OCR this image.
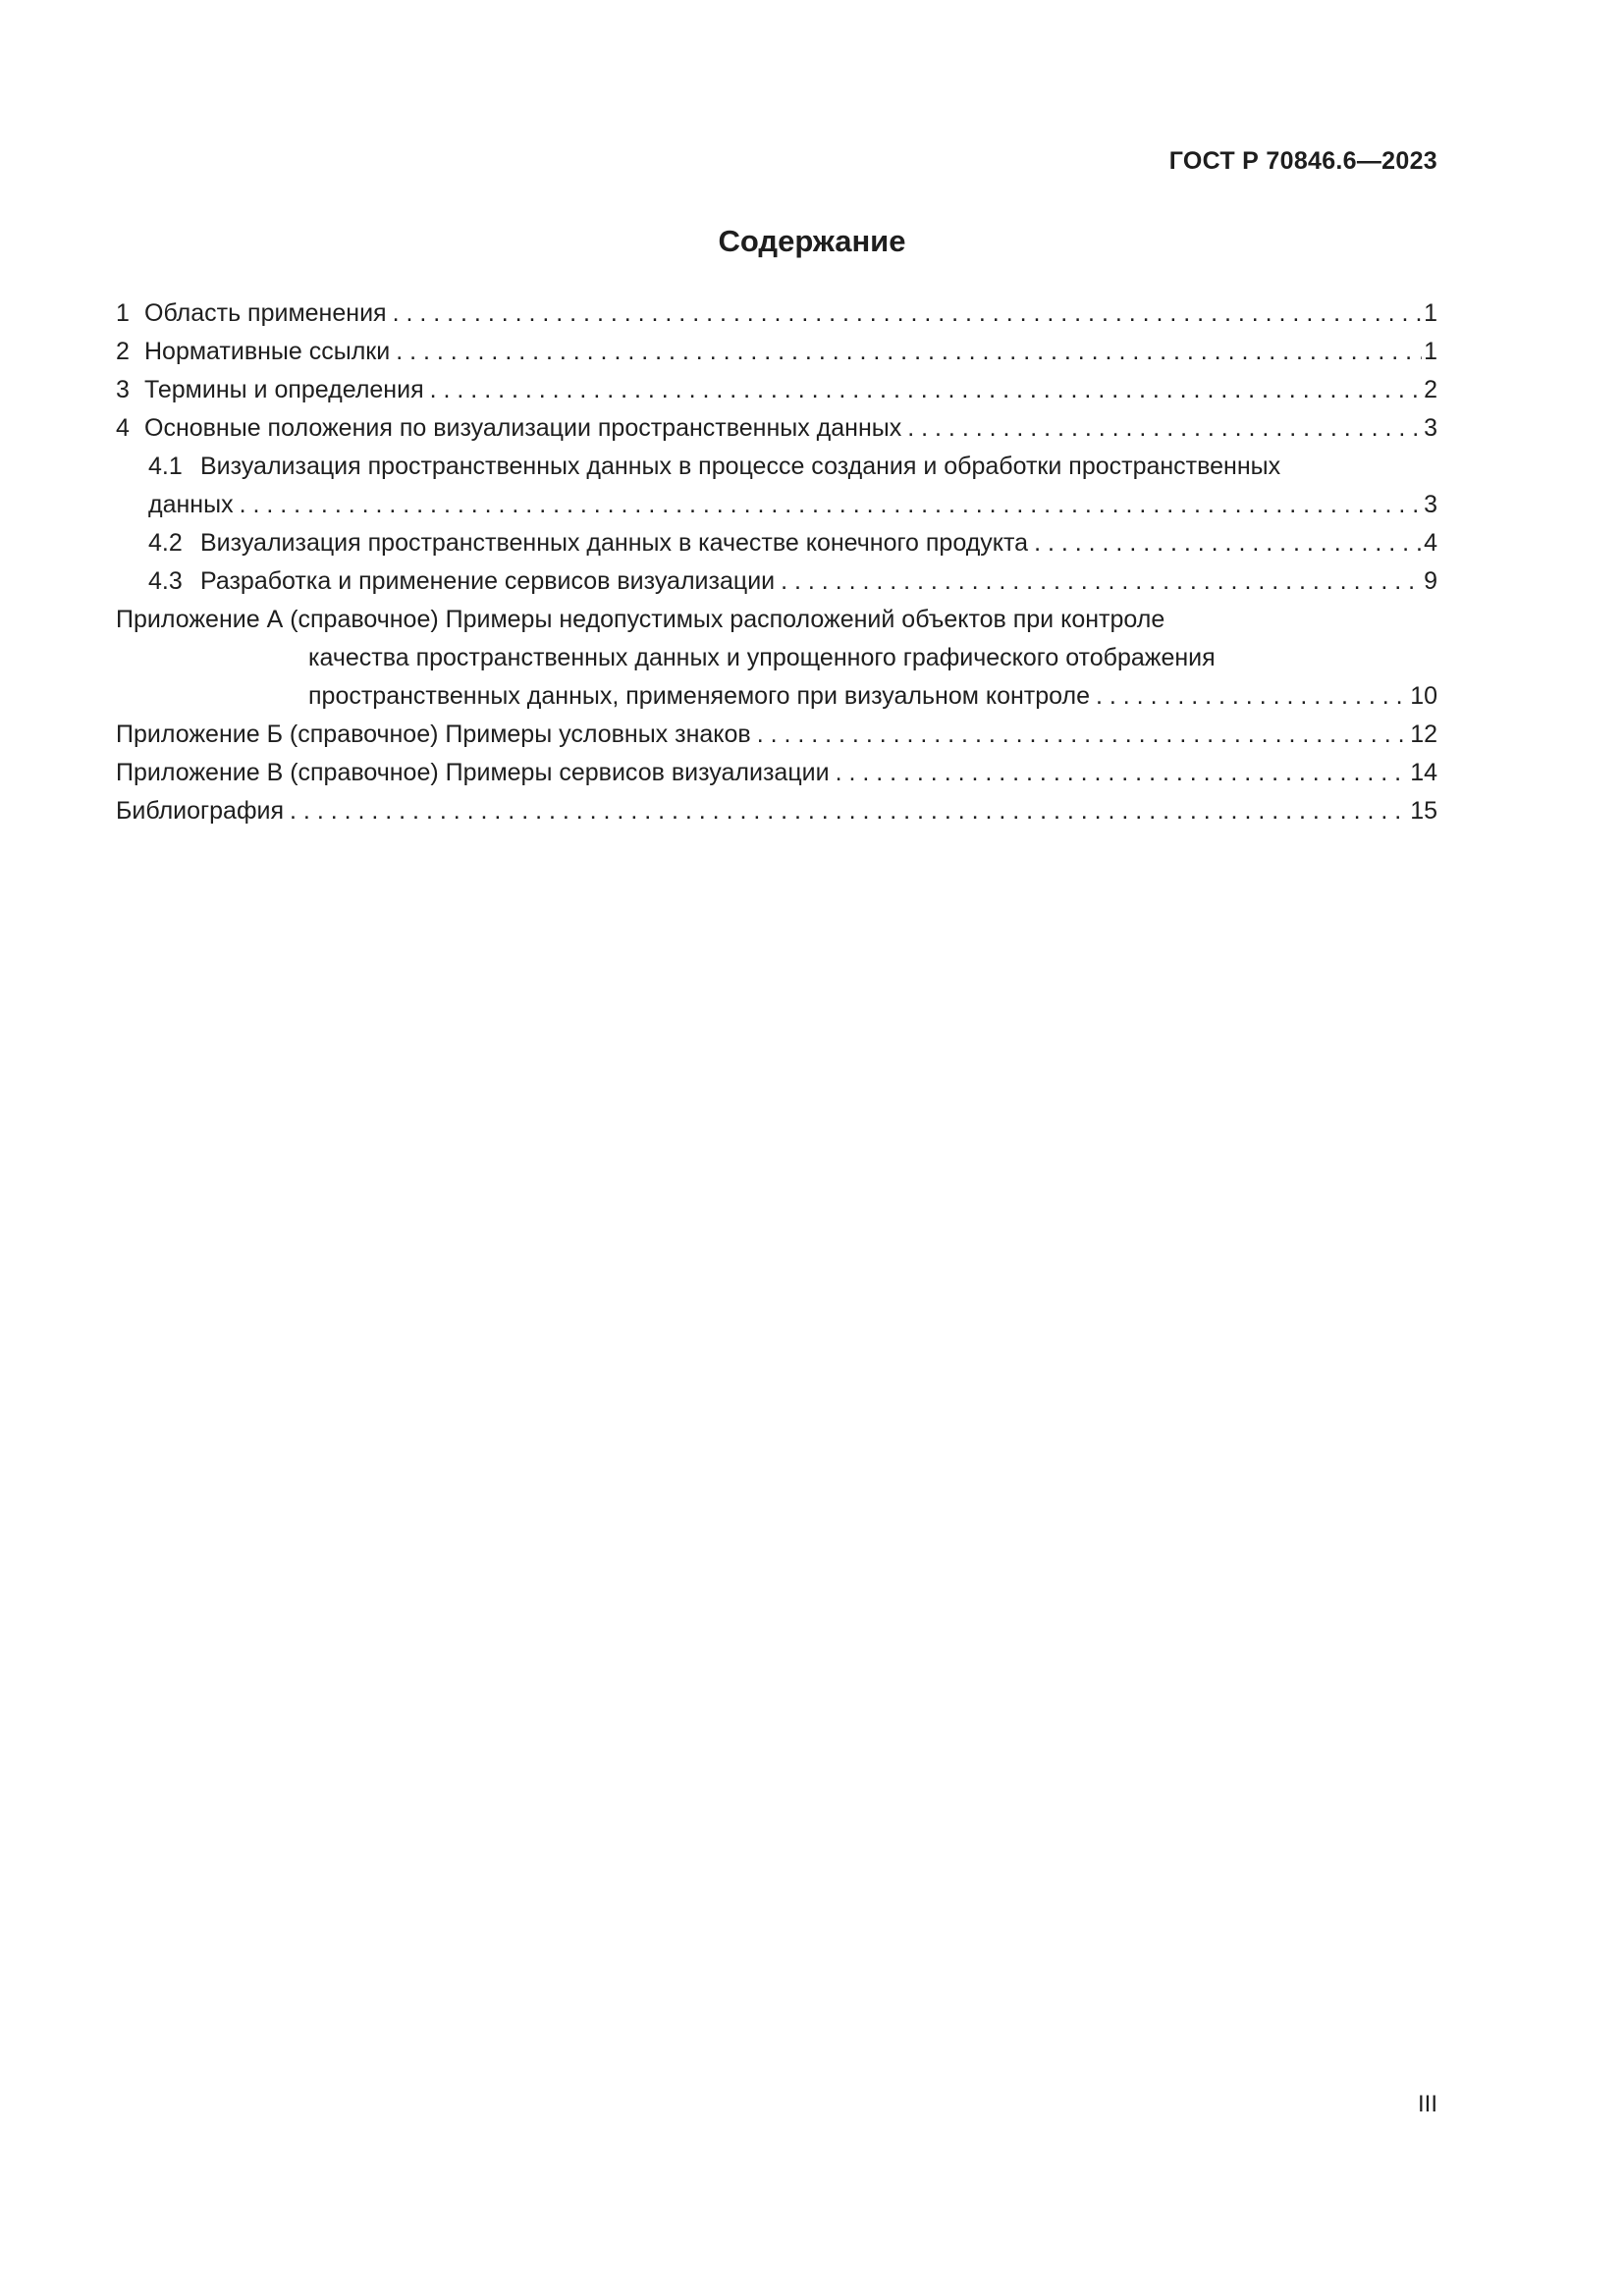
ГОСТ Р 70846.6—2023
Содержание
1 Область применения . . .	1
2 Нормативные ссылки . . .	1
3 Термины и определения . . .	2
4 Основные положения по визуализации пространственных данных . . .	3
4.1 Визуализация пространственных данных в процессе создания и обработки пространственных
данных . . .	3
4.2 Визуализация пространственных данных в качестве конечного продукта . . .	4
4.3 Разработка и применение сервисов визуализации . . .	9
Приложение А (справочное) Примеры недопустимых расположений объектов при контроле
качества пространственных данных и упрощенного графического отображения
пространственных данных, применяемого при визуальном контроле . . .	10
Приложение Б (справочное) Примеры условных знаков . . .	12
Приложение В (справочное) Примеры сервисов визуализации . . .	14
Библиография . . .	15
III
